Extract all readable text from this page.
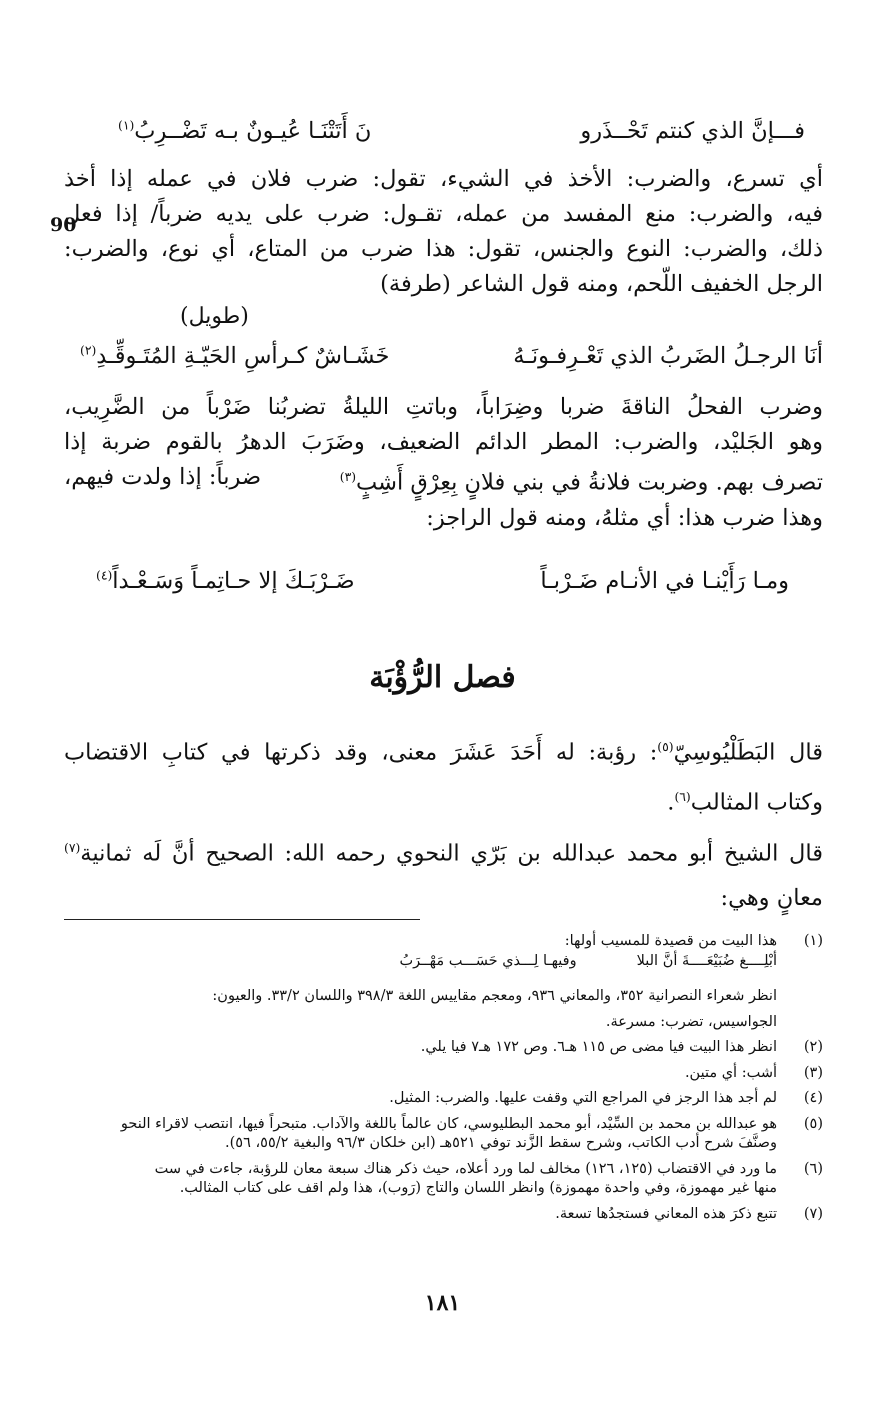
فـــإنَّ الذي كنتم تَحْــذَرو
نَ أَتَتْنَـا عُيـونٌ بـه تَضْــرِبُ$^{(١)}$
أي تسرع، والضرب: الأخذ في الشيء، تقول: ضرب فلان في عمله إذا أخذ
فيه، والضرب: منع المفسد من عمله، تقـول: ضرب على يديه ضرباً/ إذا فعل
ذلك، والضرب: النوع والجنس، تقول: هذا ضرب من المتاع، أي نوع، والضرب:
الرجل الخفيف اللّحم، ومنه قول الشاعر (طرفة)
90
(طويل)
أنَا الرجـلُ الضَربُ الذي تَعْـرِفـونَـهُ
خَشَـاشٌ كـرأسِ الحَيّـةِ المُتَـوقِّـدِ$^{(٢)}$
وضرب الفحلُ الناقةَ ضربا وضِرَاباً، وباتتِ الليلةُ تضربُنا ضَرْباً من الضَّرِيب،
وهو الجَليْد، والضرب: المطر الدائم الضعيف، وضَرَبَ الدهرُ بالقوم ضربة إذا
تصرف بهم. وضربت فلانةُ في بني فلانٍ بِعِرْقٍ أَشِبٍ$^{(٣)}$
ضرباً: إذا ولدت فيهم،
وهذا ضرب هذا: أي مثلهُ، ومنه قول الراجز:
ومـا رَأَيْنـا في الأنـام ضَـرْبـاً
ضَـرْبَـكَ إلا حـاتِمـاً وَسَـعْـداً$^{(٤)}$
فصل الرُّؤْبَة
قال البَطَلْيُوسِيّ$^{(٥)}$: رؤبة: له أَحَدَ عَشَرَ معنى، وقد ذكرتها في كتابِ الاقتضاب
وكتاب المثالب$^{(٦)}$.
قال الشيخ أبو محمد عبدالله بن بَرّي النحوي رحمه الله: الصحيح أنَّ لَه ثمانية$^{(٧)}$
معانٍ وهي:
(١)هذا البيت من قصيدة للمسيب أولها:
أبْلِــــغ ضُبَيْعَــــةَ أنَّ البلا
وفيهـا لِـــذي حَسَـــب مَهْــرَبُ
انظر شعراء النصرانية ٣٥٢، والمعاني ٩٣٦، ومعجم مقاييس اللغة ٣٩٨/٣ واللسان ٣٣/٢. والعيون:
الجواسيس، تضرب: مسرعة.
(٢)انظر هذا البيت فيا مضى ص ١١٥ هـ٦. وص ١٧٢ هـ٧ فيا يلي.
(٣)أشب: أي متين.
(٤)لم أجد هذا الرجز في المراجع التي وقفت عليها. والضرب: المثيل.
(٥)هو عبدالله بن محمد بن السِّيْد، أبو محمد البطليوسي، كان عالماً باللغة والآداب. متبحراً فيها، انتصب لاقراء النحو
وصنَّفَ شرح أدب الكاتب، وشرح سقط الزَّند توفي ٥٢١هـ (ابن خلكان ٩٦/٣ والبغية ٥٥/٢، ٥٦).
(٦)ما ورد في الاقتضاب (١٢٥، ١٢٦) مخالف لما ورد أعلاه، حيث ذكر هناك سبعة معان للرؤبة، جاءت في ست
منها غير مهموزة، وفي واحدة مهموزة) وانظر اللسان والتاج (رَوب)، هذا ولم اقف على كتاب المثالب.
(٧)تتبع ذكرَ هذه المعاني فستجدُها تسعة.
١٨١
